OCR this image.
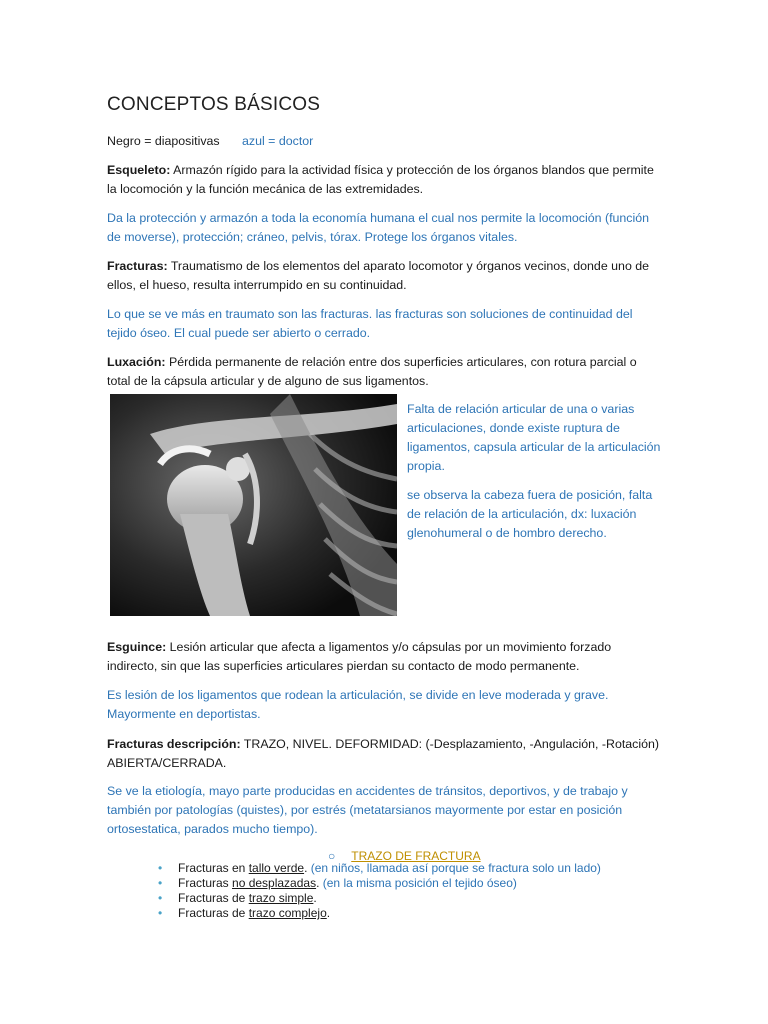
CONCEPTOS BÁSICOS
Negro = diapositivas azul = doctor

Esqueleto: Armazón rígido para la actividad física y protección de los órganos blandos que permite la locomoción y la función mecánica de las extremidades.

Da la protección y armazón a toda la economía humana el cual nos permite la locomoción (función de moverse), protección; cráneo, pelvis, tórax. Protege los órganos vitales.

Fracturas: Traumatismo de los elementos del aparato locomotor y órganos vecinos, donde uno de ellos, el hueso, resulta interrumpido en su continuidad.

Lo que se ve más en traumato son las fracturas. las fracturas son soluciones de continuidad del tejido óseo. El cual puede ser abierto o cerrado.

Luxación: Pérdida permanente de relación entre dos superficies articulares, con rotura parcial o total de la cápsula articular y de alguno de sus ligamentos.

Falta de relación articular de una o varias articulaciones, donde existe ruptura de ligamentos, capsula articular de la articulación propia.

se observa la cabeza fuera de posición, falta de relación de la articulación, dx: luxación glenohumeral o de hombro derecho.

Esguince: Lesión articular que afecta a ligamentos y/o cápsulas por un movimiento forzado indirecto, sin que las superficies articulares pierdan su contacto de modo permanente.

Es lesión de los ligamentos que rodean la articulación, se divide en leve moderada y grave. Mayormente en deportistas.

Fracturas descripción: TRAZO, NIVEL. DEFORMIDAD: (-Desplazamiento, -Angulación, -Rotación) ABIERTA/CERRADA.

Se ve la etiología, mayo parte producidas en accidentes de tránsitos, deportivos, y de trabajo y también por patologías (quistes), por estrés (metatarsianos mayormente por estar en posición ortosestatica, parados mucho tiempo).

○ TRAZO DE FRACTURA
• Fracturas en tallo verde. (en niños, llamada así porque se fractura solo un lado)
• Fracturas no desplazadas. (en la misma posición el tejido óseo)
• Fracturas de trazo simple.
• Fracturas de trazo complejo.
